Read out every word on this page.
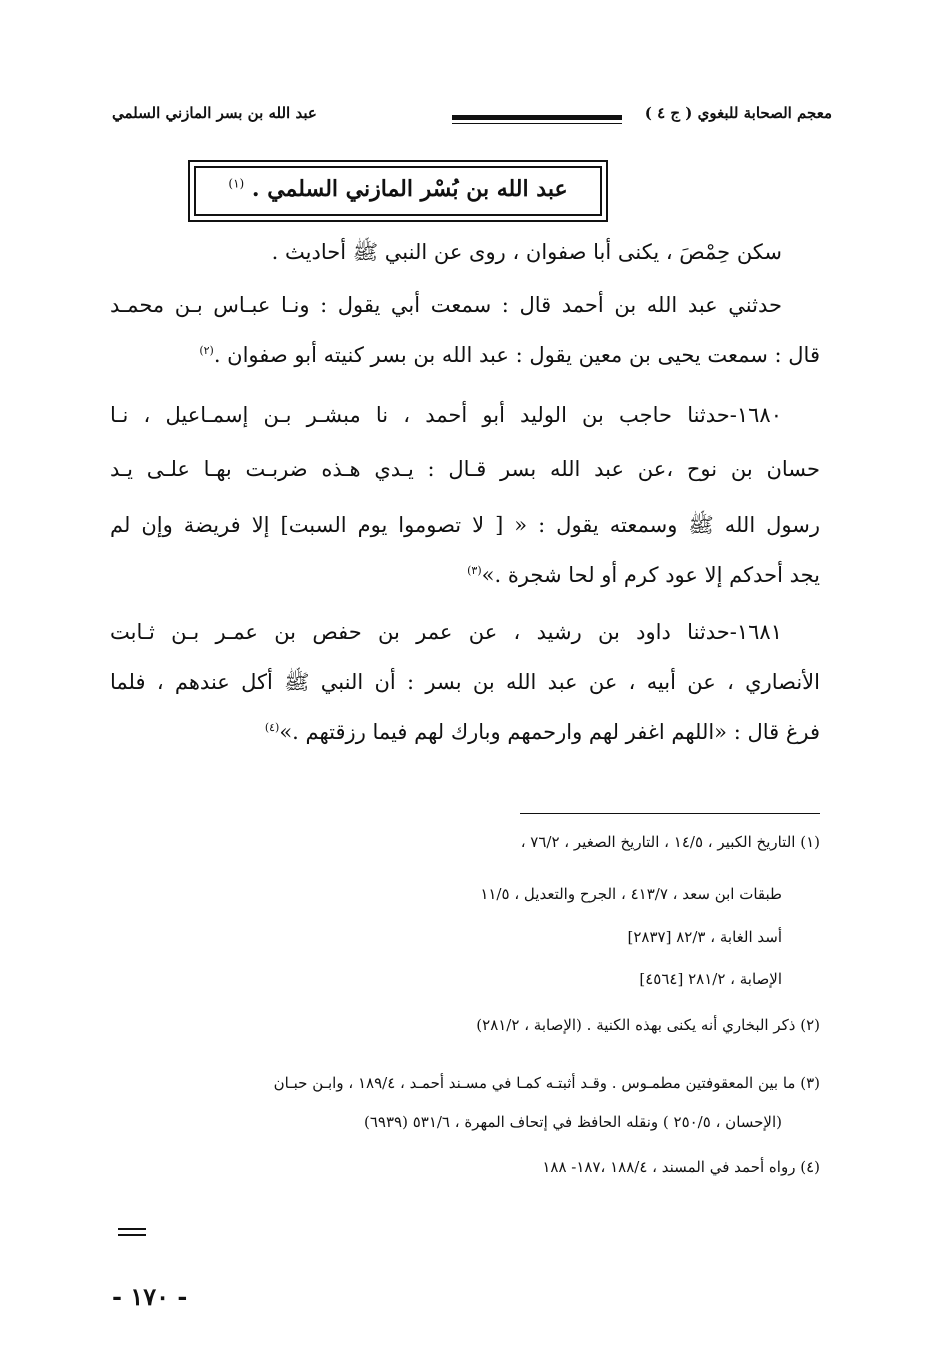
معجم الصحابة للبغوي ( ج ٤ )
عبد الله بن بسر المازني السلمي
عبد الله بن بُسْر المازني السلمي . $^{(١)}$
سكن حِمْصَ ، يكنى أبا صفوان ، روى عن النبي ﷺ أحاديث .
حدثني عبد الله بن أحمد قال : سمعت أبي يقول : ونـا عبـاس بـن محمـد
قال : سمعت يحيى بن معين يقول : عبد الله بن بسر كنيته أبو صفوان .$^{(٢)}$
١٦٨٠-حدثنا حاجب بن الوليد أبو أحمد ، نا مبشـر بـن إسمـاعيل ، نـا
حسان بن نوح ،عن عبد الله بسر قـال : يـدي هـذه ضربـت بهـا علـى يـد
رسول الله ﷺ وسمعته يقول : « [ لا تصوموا يوم السبت] إلا فريضة وإن لم
يجد أحدكم إلا عود كرم أو لحا شجرة .»$^{(٣)}$
١٦٨١-حدثنا داود بن رشيد ، عن عمر بن حفص بن عمـر بـن ثـابت
الأنصاري ، عن أبيه ، عن عبد الله بن بسر : أن النبي ﷺ أكل عندهم ، فلما
فرغ قال : «اللهم اغفر لهم وارحمهم وبارك لهم فيما رزقتهم .»$^{(٤)}$
(١) التاريخ الكبير ، ١٤/٥ ، التاريخ الصغير ، ٧٦/٢ ،
طبقات ابن سعد ، ٤١٣/٧ ، الجرح والتعديل ، ١١/٥
أسد الغابة ، ٨٢/٣ [٢٨٣٧]
الإصابة ، ٢٨١/٢ [٤٥٦٤]
(٢) ذكر البخاري أنه يكنى بهذه الكنية . (الإصابة ، ٢٨١/٢)
(٣) ما بين المعقوفتين مطمـوس . وقـد أثبتـه كمـا في مسـند أحمـد ، ١٨٩/٤ ، وابـن حبـان
(الإحسان ، ٢٥٠/٥ ) ونقله الحافظ في إتحاف المهرة ، ٥٣١/٦ (٦٩٣٩)
(٤) رواه أحمد في المسند ، ١٨٨/٤ ،١٨٧- ١٨٨
- ١٧٠ -
